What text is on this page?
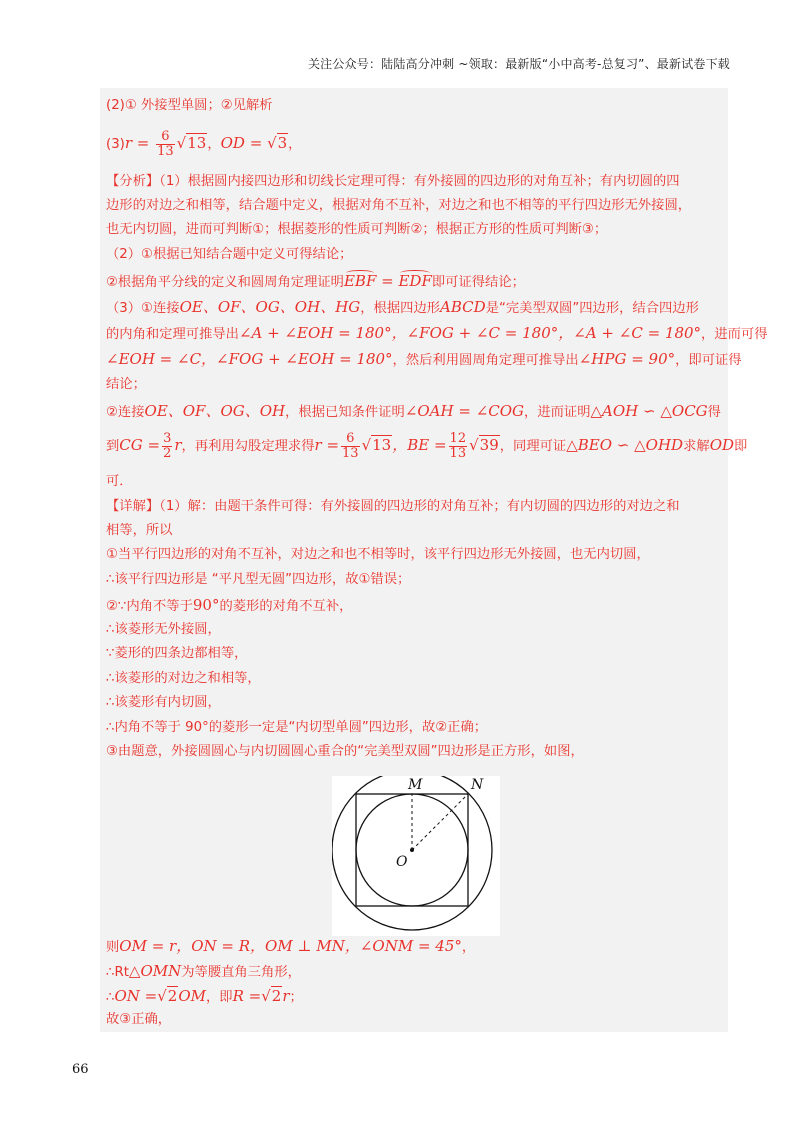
关注公众号：陆陆高分冲刺 ~领取：最新版“小中高考-总复习”、最新试卷下载
(2)① 外接型单圆；②见解析
$(3)r = \frac{6}{13} √13$，OD = √3，
【分析】（1）根据圆内接四边形和切线长定理可得：有外接圆的四边形的对角互补；有内切圆的四
边形的对边之和相等，结合题中定义，根据对角不互补，对边之和也不相等的平行四边形无外接圆，
也无内切圆，进而可判断①；根据菱形的性质可判断②；根据正方形的性质可判断③；
（2）①根据已知结合题中定义可得结论；
②根据角平分线的定义和圆周角定理证明EBF = EDF即可证得结论；
（3）①连接OE、OF、OG、OH、HG，根据四边形ABCD是“完美型双圆”四边形，结合四边形
的内角和定理可推导出∠A + ∠EOH = 180°，∠FOG + ∠C = 180°，∠A + ∠C = 180°，进而可得
∠EOH = ∠C，∠FOG + ∠EOH = 180°，然后利用圆周角定理可推导出∠HPG = 90°，即可证得
结论；
②连接OE、OF、OG、OH，根据已知条件证明∠OAH = ∠COG，进而证明△AOH ∽ △OCG得
到CG = $\frac{3}{2}$ r，再利用勾股定理求得$r = \frac{6}{13} √13$，BE = $\frac{12}{13} √39$，同理可证△BEO ∽ △OHD求解OD即
可．
【详解】（1）解：由题干条件可得：有外接圆的四边形的对角互补；有内切圆的四边形的对边之和
相等，所以
①当平行四边形的对角不互补，对边之和也不相等时，该平行四边形无外接圆，也无内切圆，
∴该平行四边形是 “平凡型无圆”四边形，故①错误；
②∵内角不等于90°的菱形的对角不互补，
∴该菱形无外接圆，
∵菱形的四条边都相等，
∴该菱形的对边之和相等，
∴该菱形有内切圆，
∴内角不等于 90°的菱形一定是“内切型单圆”四边形，故②正确；
③由题意，外接圆圆心与内切圆圆心重合的“完美型双圆”四边形是正方形，如图，
M	N
O
则OM = r，ON = R，OM ⊥ MN，∠ONM = 45°，
∴Rt△OMN为等腰直角三角形，
∴ON =√2OM，即R =√2r；
故③正确，
66
